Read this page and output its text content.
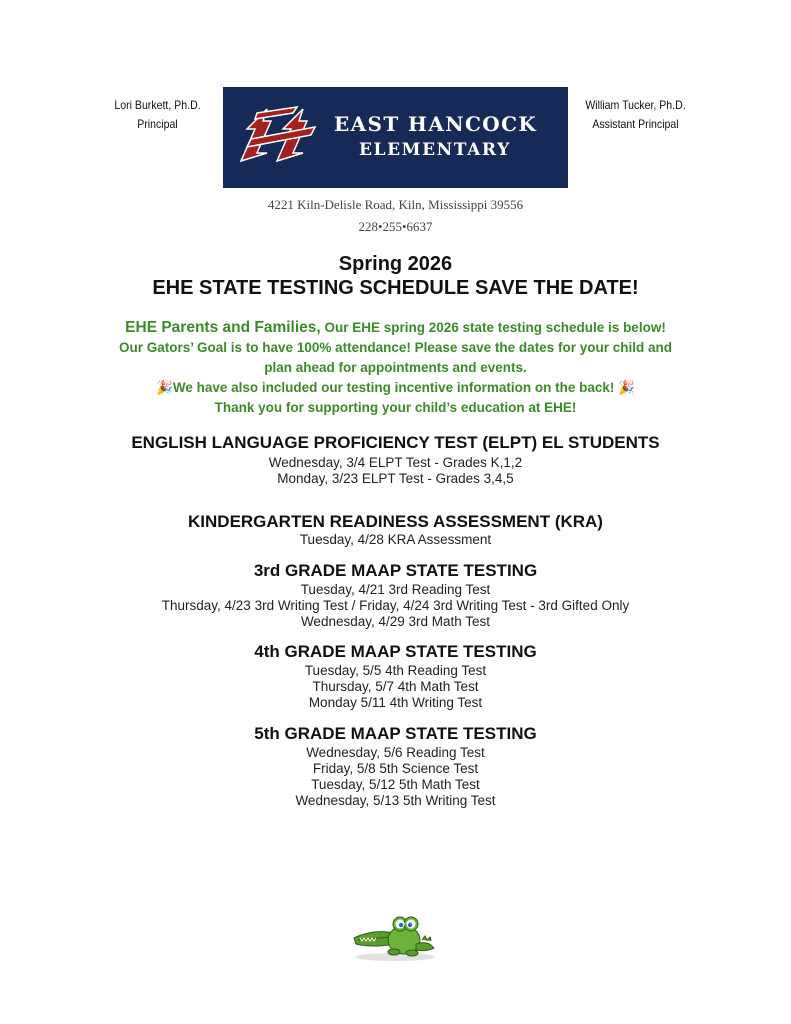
Lori Burkett, Ph.D.
Principal	EAST HANCOCK
ELEMENTARY
William Tucker, Ph.D.
Assistant Principal
4221 Kiln-Delisle Road, Kiln, Mississippi 39556
228•255•6637
Spring 2026
EHE STATE TESTING SCHEDULE SAVE THE DATE!
EHE Parents and Families, Our EHE spring 2026 state testing schedule is below!
Our Gators’ Goal is to have 100% attendance! Please save the dates for your child and
plan ahead for appointments and events.
🎉We have also included our testing incentive information on the back! 🎉
Thank you for supporting your child’s education at EHE!
ENGLISH LANGUAGE PROFICIENCY TEST (ELPT) EL STUDENTS
Wednesday, 3/4 ELPT Test - Grades K,1,2
Monday, 3/23 ELPT Test - Grades 3,4,5
KINDERGARTEN READINESS ASSESSMENT (KRA)
Tuesday, 4/28 KRA Assessment
3rd GRADE MAAP STATE TESTING
Tuesday, 4/21 3rd Reading Test
Thursday, 4/23 3rd Writing Test / Friday, 4/24 3rd Writing Test - 3rd Gifted Only
Wednesday, 4/29 3rd Math Test
4th GRADE MAAP STATE TESTING
Tuesday, 5/5 4th Reading Test
Thursday, 5/7 4th Math Test
Monday 5/11 4th Writing Test
5th GRADE MAAP STATE TESTING
Wednesday, 5/6 Reading Test
Friday, 5/8 5th Science Test
Tuesday, 5/12 5th Math Test
Wednesday, 5/13 5th Writing Test
